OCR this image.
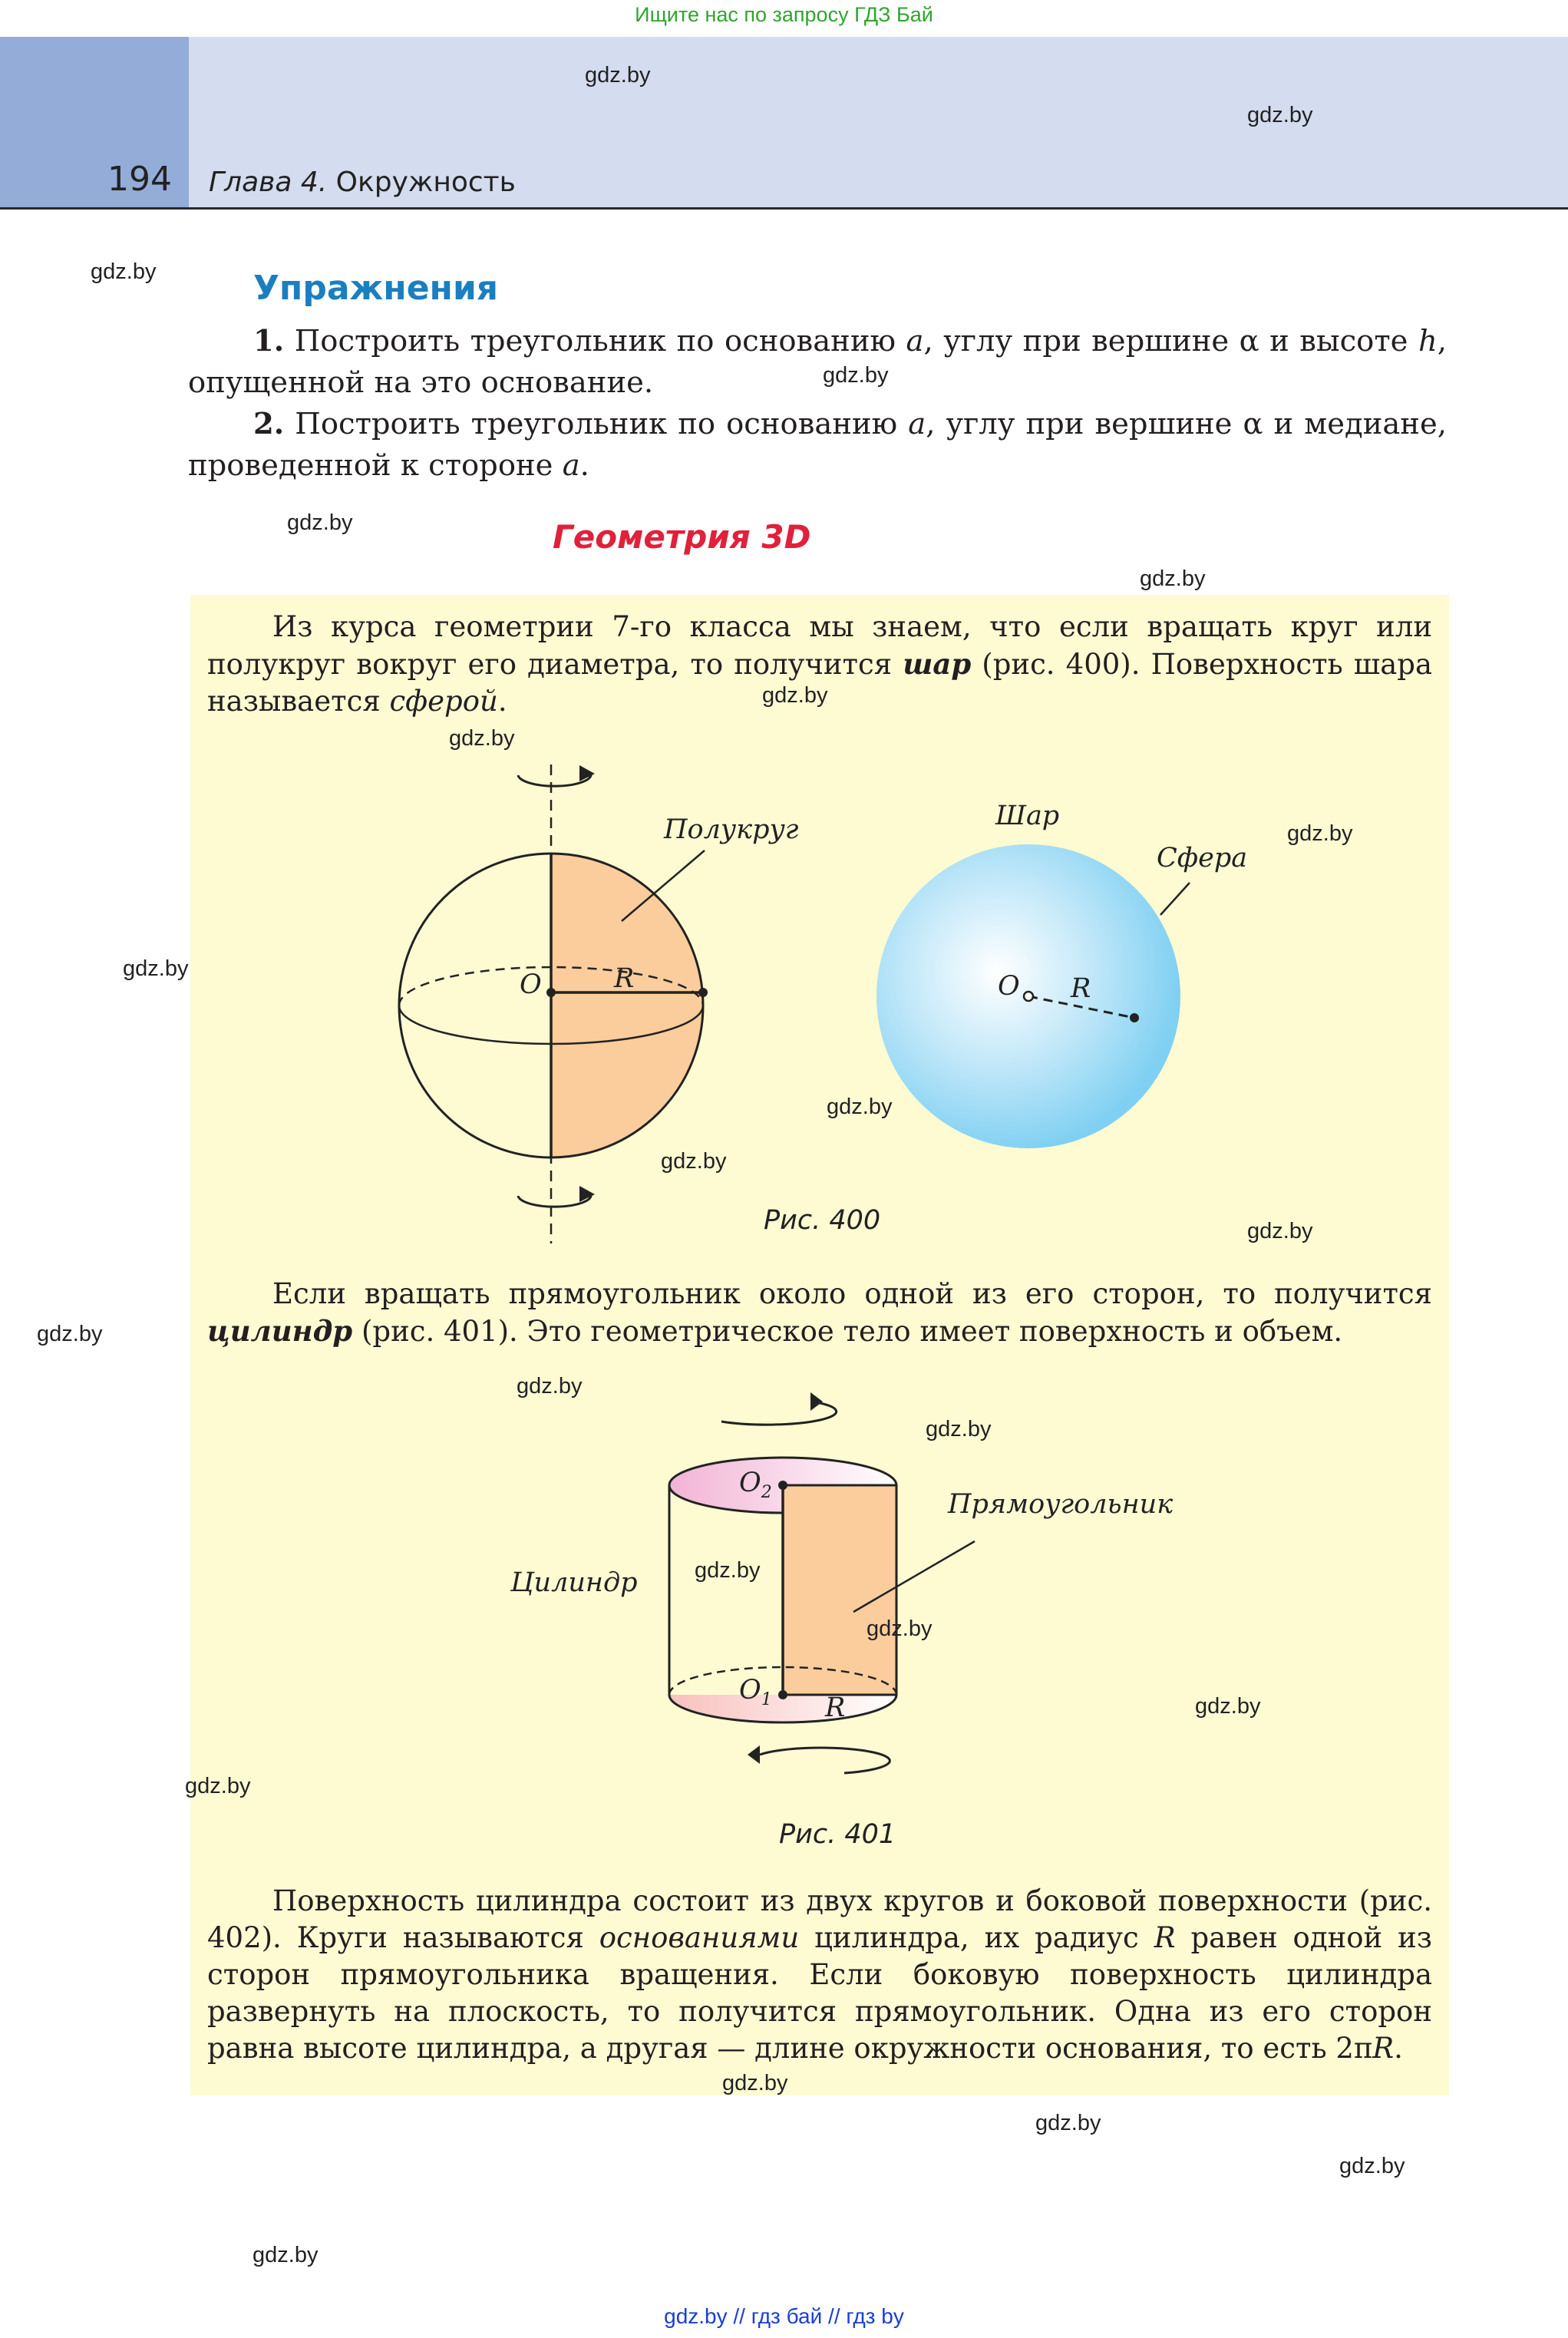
Ищите нас по запросу ГДЗ Бай
194 Глава 4. Окружность
Упражнения
1. Построить треугольник по основанию a, углу при вершине α и высоте h, опущенной на это основание.
2. Построить треугольник по основанию a, углу при вершине α и медиане, проведенной к стороне a.
Геометрия 3D
Из курса геометрии 7-го класса мы знаем, что если вращать круг или полукруг вокруг его диаметра, то получится шар (рис. 400). Поверхность шара называется сферой.
Полукруг	Шар
Сфера
O	R	O R
Рис. 400
Если вращать прямоугольник около одной из его сторон, то получится цилиндр (рис. 401). Это геометрическое тело имеет поверхность и объем.
$O_2$
$O_1$ R
Цилиндр
Прямоугольник
Рис. 401
Поверхность цилиндра состоит из двух кругов и боковой поверхности (рис. 402). Круги называются основаниями цилиндра, их радиус R равен одной из сторон прямоугольника вращения. Если боковую поверхность цилиндра развернуть на плоскость, то получится прямоугольник. Одна из его сторон равна высоте цилиндра, а другая — длине окружности основания, то есть 2πR.
gdz.by
gdz.by
gdz.by
gdz.by
gdz.by
gdz.by
gdz.by
gdz.by
gdz.by
gdz.by
gdz.by
gdz.by
gdz.by
gdz.by
gdz.by
gdz.by
gdz.by
gdz.by
gdz.by
gdz.by
gdz.by
gdz.by
gdz.by
gdz.by
gdz.by // гдз бай // гдз by
